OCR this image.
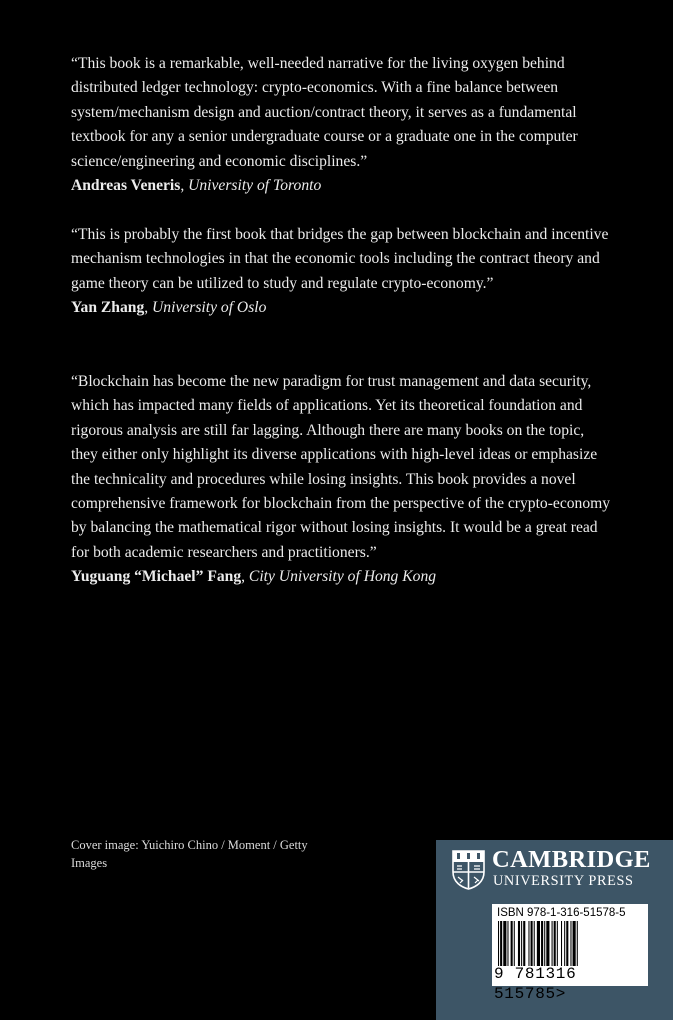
“This book is a remarkable, well-needed narrative for the living oxygen behind distributed ledger technology: crypto-economics. With a fine balance between system/mechanism design and auction/contract theory, it serves as a fundamental textbook for any a senior undergraduate course or a graduate one in the computer science/engineering and economic disciplines.”

Andreas Veneris, University of Toronto

“This is probably the first book that bridges the gap between blockchain and incentive mechanism technologies in that the economic tools including the contract theory and game theory can be utilized to study and regulate crypto-economy.”

Yan Zhang, University of Oslo

“Blockchain has become the new paradigm for trust management and data security, which has impacted many fields of applications. Yet its theoretical foundation and rigorous analysis are still far lagging. Although there are many books on the topic, they either only highlight its diverse applications with high-level ideas or emphasize the technicality and procedures while losing insights. This book provides a novel comprehensive framework for blockchain from the perspective of the crypto-economy by balancing the mathematical rigor without losing insights. It would be a great read for both academic researchers and practitioners.”

Yuguang “Michael” Fang, City University of Hong Kong

Cover image: Yuichiro Chino / Moment / Getty Images	CAMBRIDGE
UNIVERSITY PRESS
ISBN 978-1-316-51578-5
9 781316 515785>
